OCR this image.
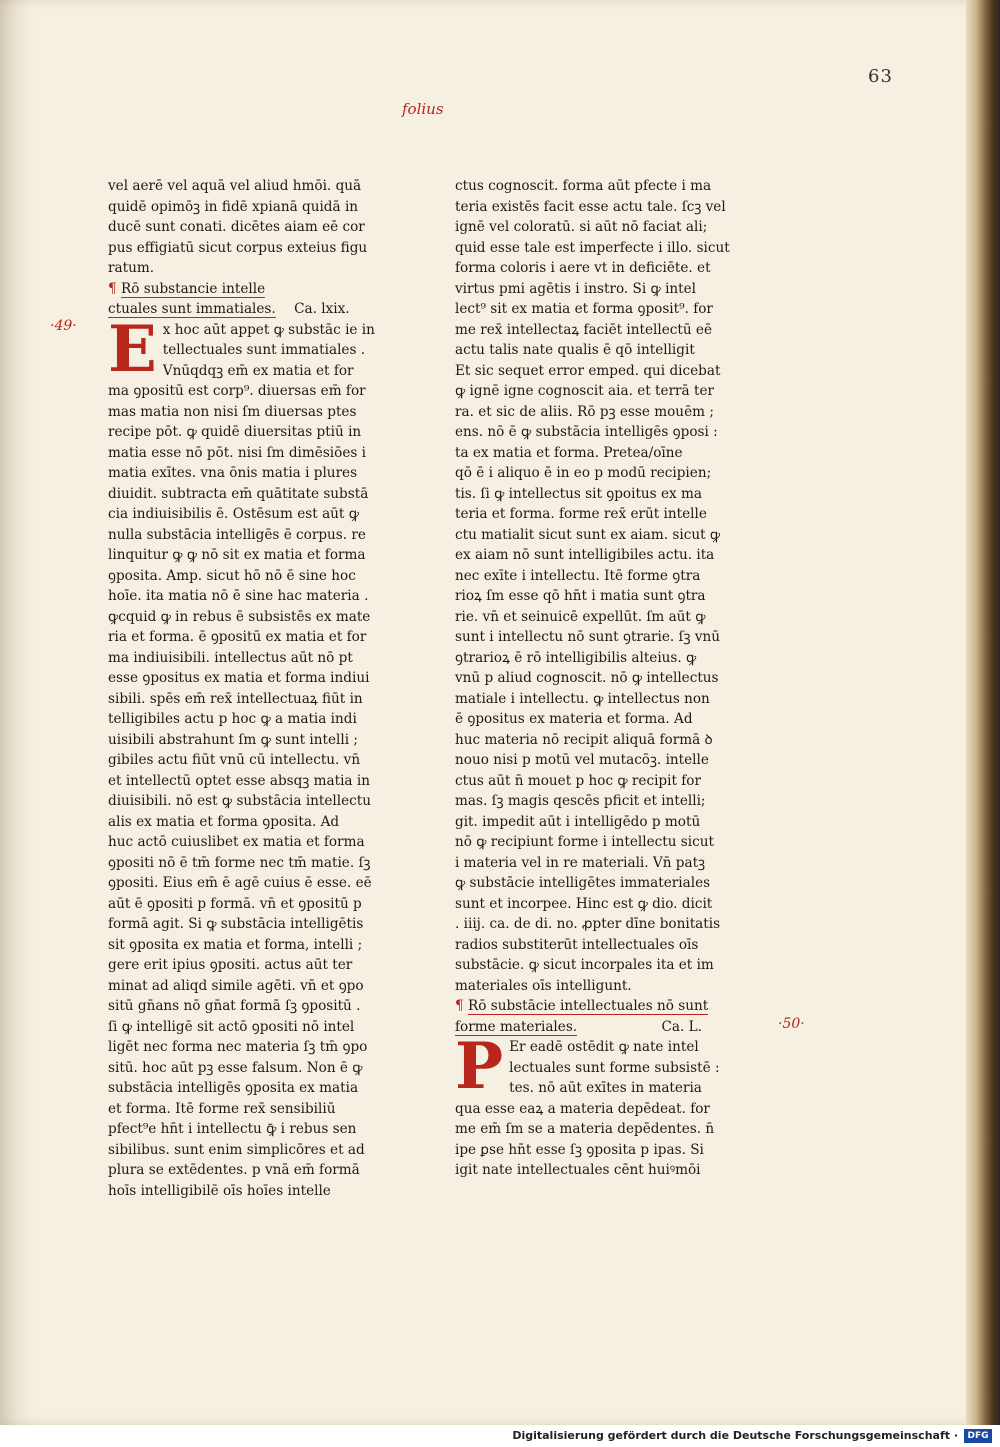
63
folius
·49·
·50·
vel aerē vel aquā vel aliud hmōi. quā
quidē opimōꝫ in fidē xpianā quidā in
ducē sunt conati. dicētes aiam eē cor
pus effigiatū sicut corpus exteius figu
ratum.
¶ Rō substancie intelle
ctuales sunt immatiales. Ca. lxix.
E x hoc aūt appet ꝙ substāc ie in
tellectuales sunt immatiales .
Vnūqdqꝫ em̄ ex matia et for
ma ꝯpositū est corp⁹. diuersas em̄ for
mas matia non nisi ſm diuersas ptes
recipe pōt. ꝙ quidē diuersitas ptiū in
matia esse nō pōt. nisi ſm dimēsiōes i
matia exītes. vna ōnis matia i plures
diuidit. subtracta em̄ quātitate substā
cia indiuisibilis ē. Ostēsum est aūt ꝙ
nulla substācia intelligēs ē corpus. re
linquitur ꝙ ꝙ nō sit ex matia et forma
ꝯposita. Amp. sicut hō nō ē sine hoc
hoīe. ita matia nō ē sine hac materia .
ꝙcquid ꝙ in rebus ē subsistēs ex mate
ria et forma. ē ꝯpositū ex matia et for
ma indiuisibili. intellectus aūt nō pt
esse ꝯpositus ex matia et forma indiui
sibili. spēs em̄ rex̄ intellectuaꝝ fiūt in
telligibiles actu p hoc ꝙ a matia indi
uisibili abstrahunt ſm ꝙ sunt intelli ;
gibiles actu fiūt vnū cū intellectu. vn̄
et intellectū optet esse absqꝫ matia in
diuisibili. nō est ꝙ substācia intellectu
alis ex matia et forma ꝯposita. Ad
huc actō cuiuslibet ex matia et forma
ꝯpositi nō ē tm̄ forme nec tm̄ matie. ſꝫ
ꝯpositi. Eius em̄ ē agē cuius ē esse. eē
aūt ē ꝯpositi p formā. vn̄ et ꝯpositū p
formā agit. Si ꝙ substācia intelligētis
sit ꝯposita ex matia et forma, intelli ;
gere erit ipius ꝯpositi. actus aūt ter
minat ad aliqd simile agēti. vn̄ et ꝯpo
sitū gn̄ans nō gn̄at formā ſꝫ ꝯpositū .
ſi ꝙ intelligē sit actō ꝯpositi nō intel
ligēt nec forma nec materia ſꝫ tm̄ ꝯpo
sitū. hoc aūt pꝫ esse falsum. Non ē ꝙ
substācia intelligēs ꝯposita ex matia
et forma. Itē forme rex̄ sensibiliū
pfect⁹e hn̄t i intellectu ꝙ̄ i rebus sen
sibilibus. sunt enim simplicōres et ad
plura se extēdentes. p vnā em̄ formā
hoīs intelligibilē oīs hoīes intelle
ctus cognoscit. forma aūt pfecte i ma
teria existēs facit esse actu tale. ſcꝫ vel
ignē vel coloratū. si aūt nō faciat ali;
quid esse tale est imperfecte i illo. sicut
forma coloris i aere vt in deficiēte. et
virtus pmi agētis i instro. Si ꝙ intel
lect⁹ sit ex matia et forma ꝯposit⁹. for
me rex̄ intellectaꝝ faciēt intellectū eē
actu talis nate qualis ē qō intelligit
Et sic sequet error emped. qui dicebat
ꝙ ignē igne cognoscit aia. et terrā ter
ra. et sic de aliis. Rō pꝫ esse mouēm ;
ens. nō ē ꝙ substācia intelligēs ꝯposi :
ta ex matia et forma. Pretea/oīne
qō ē i aliquo ē in eo p modū recipien;
tis. ſi ꝙ intellectus sit ꝯpoitus ex ma
teria et forma. forme rex̄ erūt intelle
ctu matialit sicut sunt ex aiam. sicut ꝙ
ex aiam nō sunt intelligibiles actu. ita
nec exīte i intellectu. Itē forme ꝯtra
rioꝝ ſm esse qō hn̄t i matia sunt ꝯtra
rie. vn̄ et seinuicē expellūt. ſm aūt ꝙ
sunt i intellectu nō sunt ꝯtrarie. ſꝫ vnū
ꝯtrarioꝝ ē rō intelligibilis alteius. ꝙ
vnū p aliud cognoscit. nō ꝙ intellectus
matiale i intellectu. ꝙ intellectus non
ē ꝯpositus ex materia et forma. Ad
huc materia nō recipit aliquā formā ꝺ
nouo nisi p motū vel mutacōꝫ. intelle
ctus aūt n̄ mouet p hoc ꝙ recipit for
mas. ſꝫ magis qescēs pficit et intelli;
git. impedit aūt i intelligēdo p motū
nō ꝙ recipiunt forme i intellectu sicut
i materia vel in re materiali. Vn̄ patꝫ
ꝙ substācie intelligētes immateriales
sunt et incorpee. Hinc est ꝙ dio. dicit
. iiij. ca. de di. no. ꝓpter dīne bonitatis
radios substiterūt intellectuales oīs
substācie. ꝙ sicut incorpales ita et im
materiales oīs intelligunt.
¶ Rō substācie intellectuales nō sunt
forme materiales.	Ca. L.
P Er eadē ostēdit ꝙ nate intel
lectuales sunt forme subsistē :
tes. nō aūt exītes in materia
qua esse eaꝝ a materia depēdeat. for
me em̄ ſm se a materia depēdentes. n̄
ipe ꝑse hn̄t esse ſꝫ ꝯposita p ipas. Si
igit nate intellectuales cēnt huiꝰmōi
Digitalisierung gefördert durch die Deutsche Forschungsgemeinschaft ·	DFG
